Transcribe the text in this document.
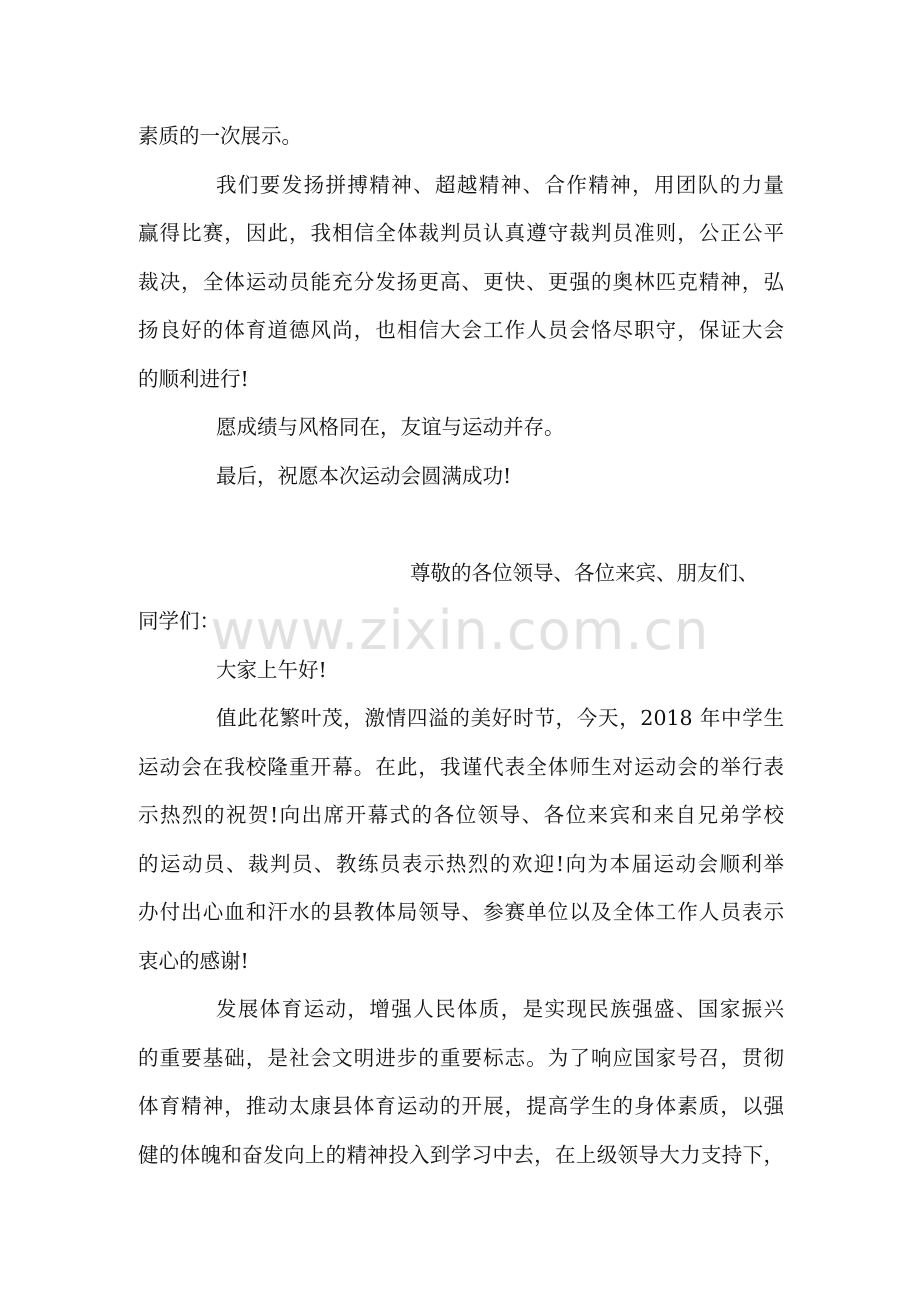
素质的一次展示。
我们要发扬拼搏精神、超越精神、合作精神，用团队的力量
赢得比赛，因此，我相信全体裁判员认真遵守裁判员准则，公正公平
裁决，全体运动员能充分发扬更高、更快、更强的奥林匹克精神，弘
扬良好的体育道德风尚，也相信大会工作人员会恪尽职守，保证大会
的顺利进行!
愿成绩与风格同在，友谊与运动并存。
最后，祝愿本次运动会圆满成功!
尊敬的各位领导、各位来宾、朋友们、
同学们：
大家上午好!
值此花繁叶茂，激情四溢的美好时节，今天，2018 年中学生
运动会在我校隆重开幕。在此，我谨代表全体师生对运动会的举行表
示热烈的祝贺!向出席开幕式的各位领导、各位来宾和来自兄弟学校
的运动员、裁判员、教练员表示热烈的欢迎!向为本届运动会顺利举
办付出心血和汗水的县教体局领导、参赛单位以及全体工作人员表示
衷心的感谢!
发展体育运动，增强人民体质，是实现民族强盛、国家振兴
的重要基础，是社会文明进步的重要标志。为了响应国家号召，贯彻
体育精神，推动太康县体育运动的开展，提高学生的身体素质，以强
健的体魄和奋发向上的精神投入到学习中去，在上级领导大力支持下，
www.zixin.com.cn
